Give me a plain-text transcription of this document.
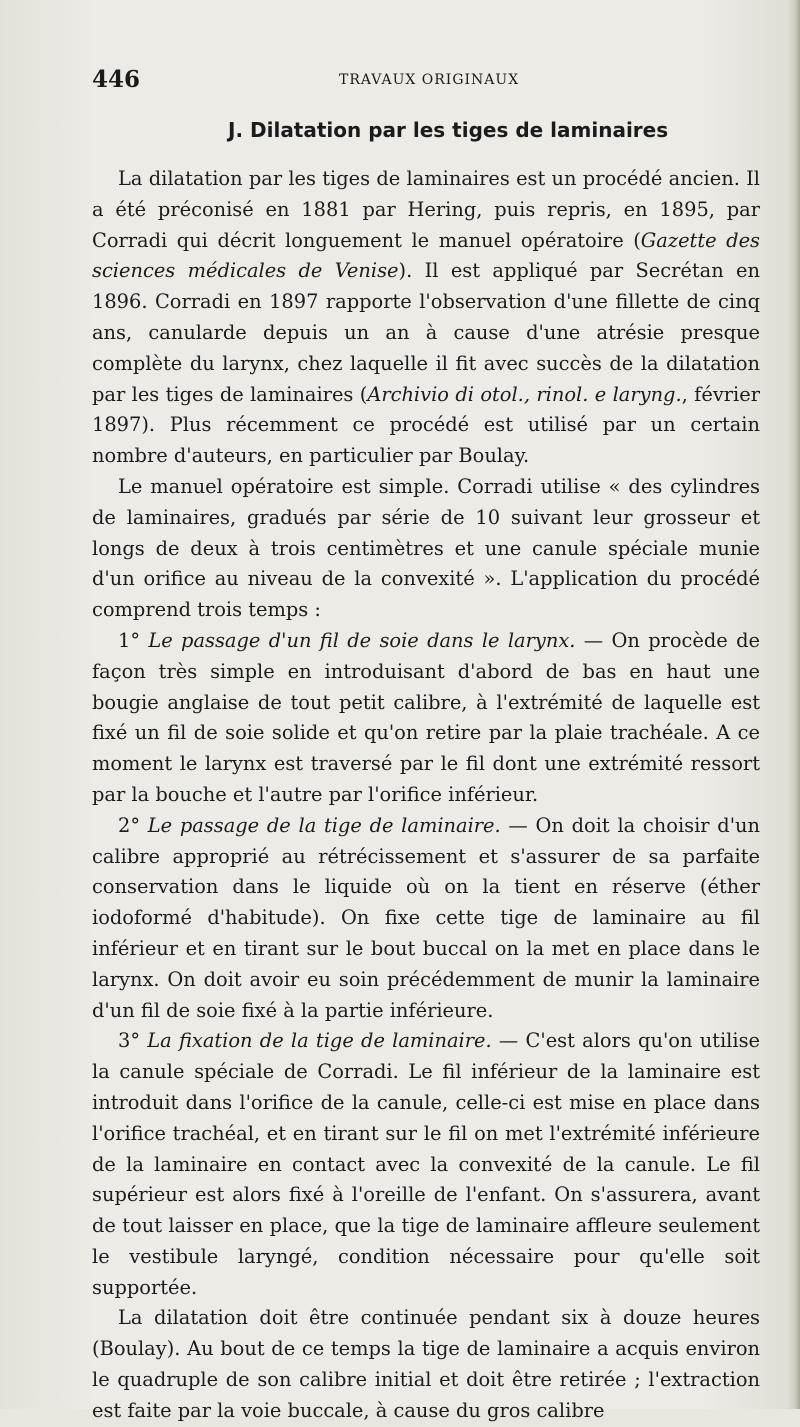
446	TRAVAUX ORIGINAUX
J. Dilatation par les tiges de laminaires

La dilatation par les tiges de laminaires est un procédé ancien. Il a été préconisé en 1881 par Hering, puis repris, en 1895, par Corradi qui décrit longuement le manuel opératoire (Gazette des sciences médicales de Venise). Il est appliqué par Secrétan en 1896. Corradi en 1897 rapporte l'observation d'une fillette de cinq ans, canularde depuis un an à cause d'une atrésie presque complète du larynx, chez laquelle il fit avec succès de la dilatation par les tiges de laminaires (Archivio di otol., rinol. e laryng., février 1897). Plus récemment ce procédé est utilisé par un certain nombre d'auteurs, en particulier par Boulay.

Le manuel opératoire est simple. Corradi utilise « des cylindres de laminaires, gradués par série de 10 suivant leur grosseur et longs de deux à trois centimètres et une canule spéciale munie d'un orifice au niveau de la convexité ». L'application du procédé comprend trois temps :

1° Le passage d'un fil de soie dans le larynx. — On procède de façon très simple en introduisant d'abord de bas en haut une bougie anglaise de tout petit calibre, à l'extrémité de laquelle est fixé un fil de soie solide et qu'on retire par la plaie trachéale. A ce moment le larynx est traversé par le fil dont une extrémité ressort par la bouche et l'autre par l'orifice inférieur.

2° Le passage de la tige de laminaire. — On doit la choisir d'un calibre approprié au rétrécissement et s'assurer de sa parfaite conservation dans le liquide où on la tient en réserve (éther iodoformé d'habitude). On fixe cette tige de laminaire au fil inférieur et en tirant sur le bout buccal on la met en place dans le larynx. On doit avoir eu soin précédemment de munir la laminaire d'un fil de soie fixé à la partie inférieure.

3° La fixation de la tige de laminaire. — C'est alors qu'on utilise la canule spéciale de Corradi. Le fil inférieur de la laminaire est introduit dans l'orifice de la canule, celle-ci est mise en place dans l'orifice trachéal, et en tirant sur le fil on met l'extrémité inférieure de la laminaire en contact avec la convexité de la canule. Le fil supérieur est alors fixé à l'oreille de l'enfant. On s'assurera, avant de tout laisser en place, que la tige de laminaire affleure seulement le vestibule laryngé, condition nécessaire pour qu'elle soit supportée.

La dilatation doit être continuée pendant six à douze heures (Boulay). Au bout de ce temps la tige de laminaire a acquis environ le quadruple de son calibre initial et doit être retirée ; l'extraction est faite par la voie buccale, à cause du gros calibre
